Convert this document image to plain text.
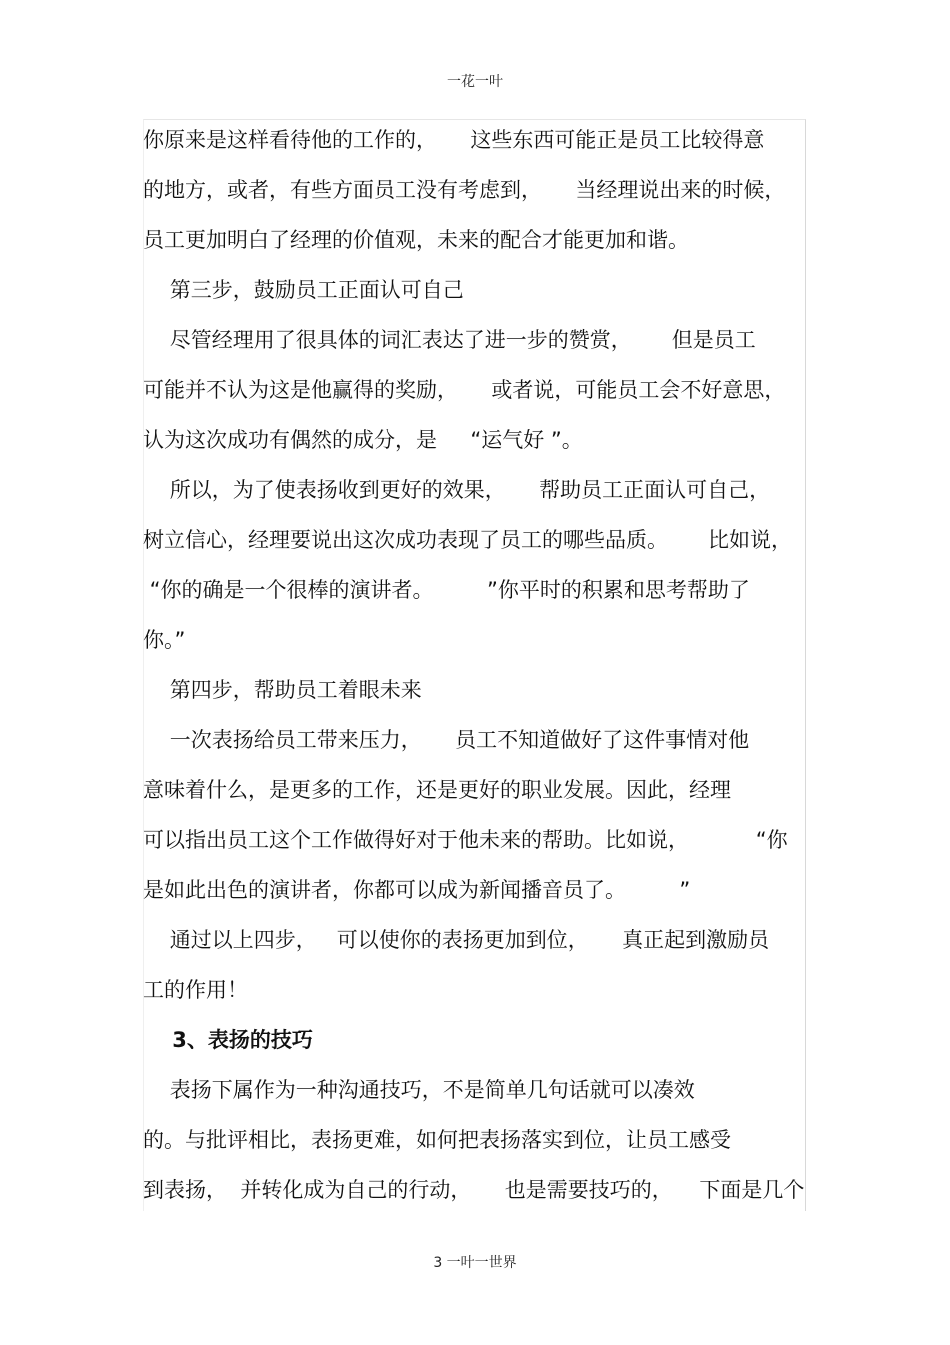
一花一叶
你原来是这样看待他的工作的，     这些东西可能正是员工比较得意
的地方，或者，有些方面员工没有考虑到，     当经理说出来的时候，
员工更加明白了经理的价值观，未来的配合才能更加和谐。
第三步，鼓励员工正面认可自己
尽管经理用了很具体的词汇表达了进一步的赞赏，      但是员工
可能并不认为这是他赢得的奖励，     或者说，可能员工会不好意思，
认为这次成功有偶然的成分，是     “运气好 ”。
所以，为了使表扬收到更好的效果，     帮助员工正面认可自己，
树立信心，经理要说出这次成功表现了员工的哪些品质。      比如说，
“你的确是一个很棒的演讲者。        ”你平时的积累和思考帮助了
你。”
第四步，帮助员工着眼未来
一次表扬给员工带来压力，     员工不知道做好了这件事情对他
意味着什么，是更多的工作，还是更好的职业发展。因此，经理
可以指出员工这个工作做得好对于他未来的帮助。比如说，          “你
是如此出色的演讲者，你都可以成为新闻播音员了。        ”
通过以上四步，   可以使你的表扬更加到位，     真正起到激励员
工的作用！
3、表扬的技巧
表扬下属作为一种沟通技巧，不是简单几句话就可以凑效
的。与批评相比，表扬更难，如何把表扬落实到位，让员工感受
到表扬，  并转化成为自己的行动，     也是需要技巧的，    下面是几个
3 一叶一世界
